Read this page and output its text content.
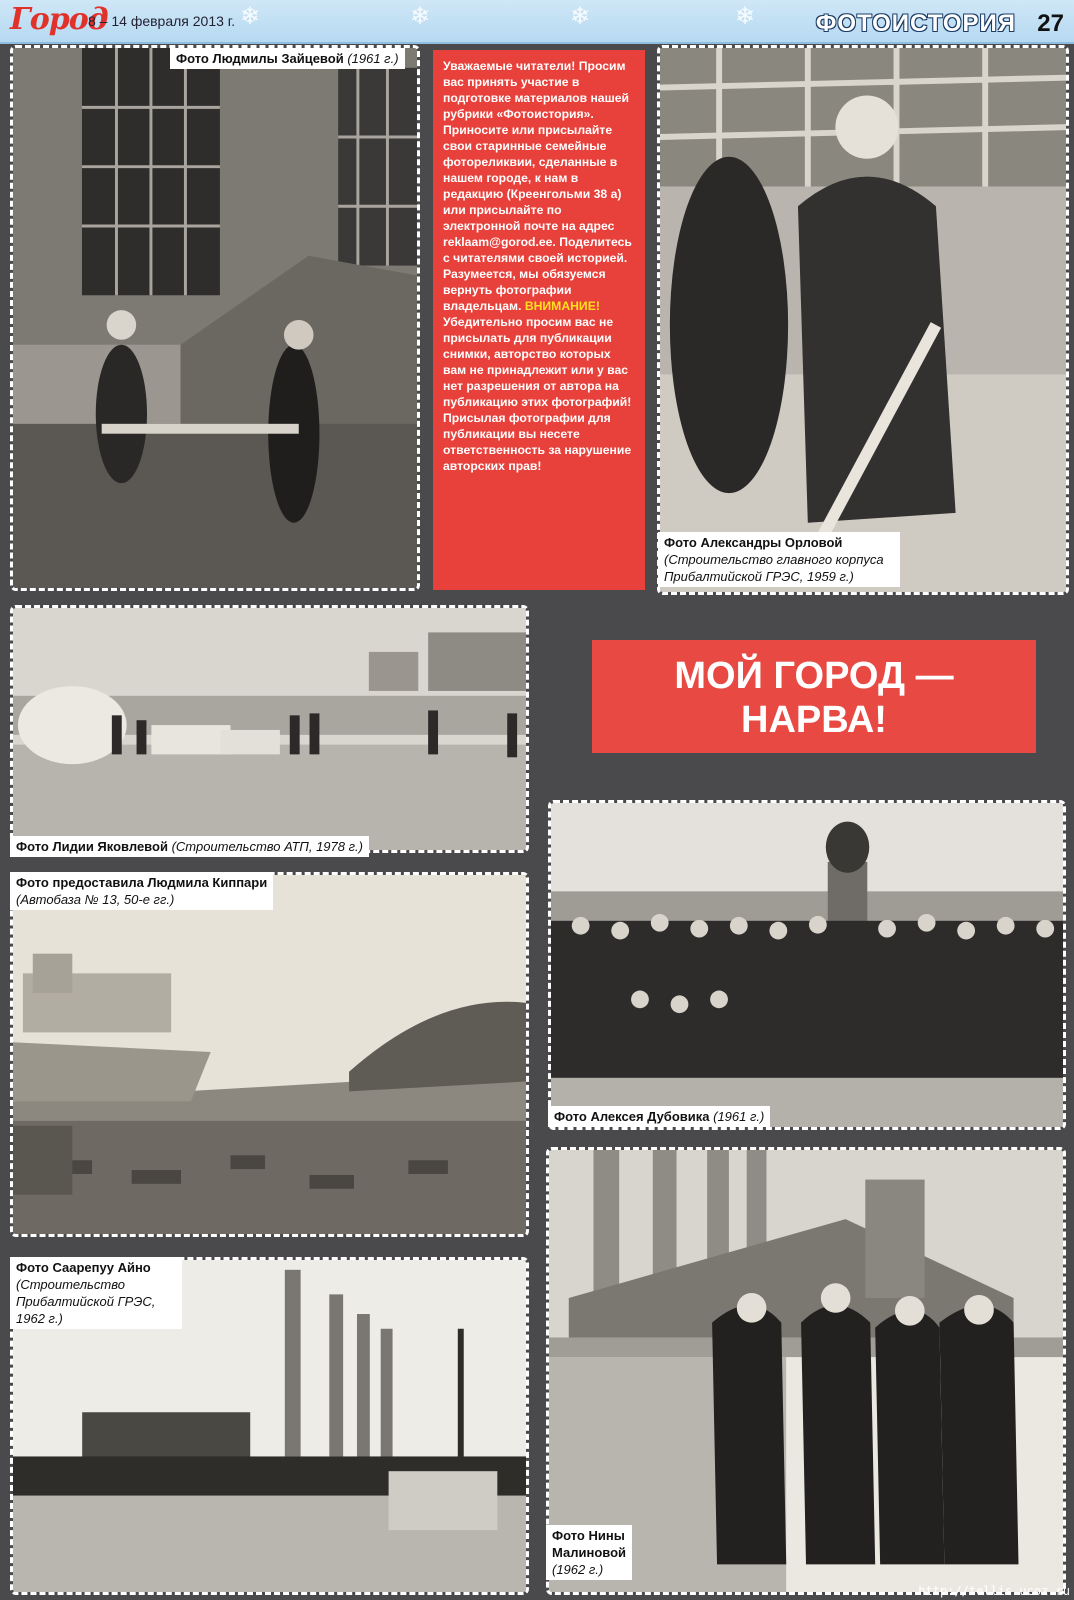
Город
8 – 14 февраля 2013 г. ❄	❄	❄	❄	ФОТОИСТОРИЯ 27
Фото Людмилы Зайцевой (1961 г.)	Уважаемые читатели! Просим вас принять участие в подготовке материалов нашей рубрики «Фотоистория». Приносите или присылайте свои старинные семейные фотореликвии, сделанные в нашем городе, к нам в редакцию (Креенгольми 38 а) или присылайте по электронной почте на адрес reklaam@gorod.ee. Поделитесь с читателями своей историей. Разумеется, мы обязуемся вернуть фотографии владельцам. ВНИМАНИЕ! Убедительно просим вас не присылать для публикации снимки, авторство которых вам не принадлежит или у вас нет разрешения от автора на публикацию этих фотографий! Присылая фотографии для публикации вы несете ответственность за нарушение авторских прав!
Фото Александры Орловой
(Строительство главного корпуса
Прибалтийской ГРЭС, 1959 г.)
Фото Лидии Яковлевой (Строительство АТП, 1978 г.)
МОЙ ГОРОД —
НАРВА!
Фото предоставила Людмила Киппари
(Автобаза № 13, 50-е гг.)
Фото Алексея Дубовика (1961 г.)
Фото Саарепуу Айно
(Строительство
Прибалтийской ГРЭС,
1962 г.)
Фото Нины
Малиновой
(1962 г.)
http://tellis.ucoz.ru
